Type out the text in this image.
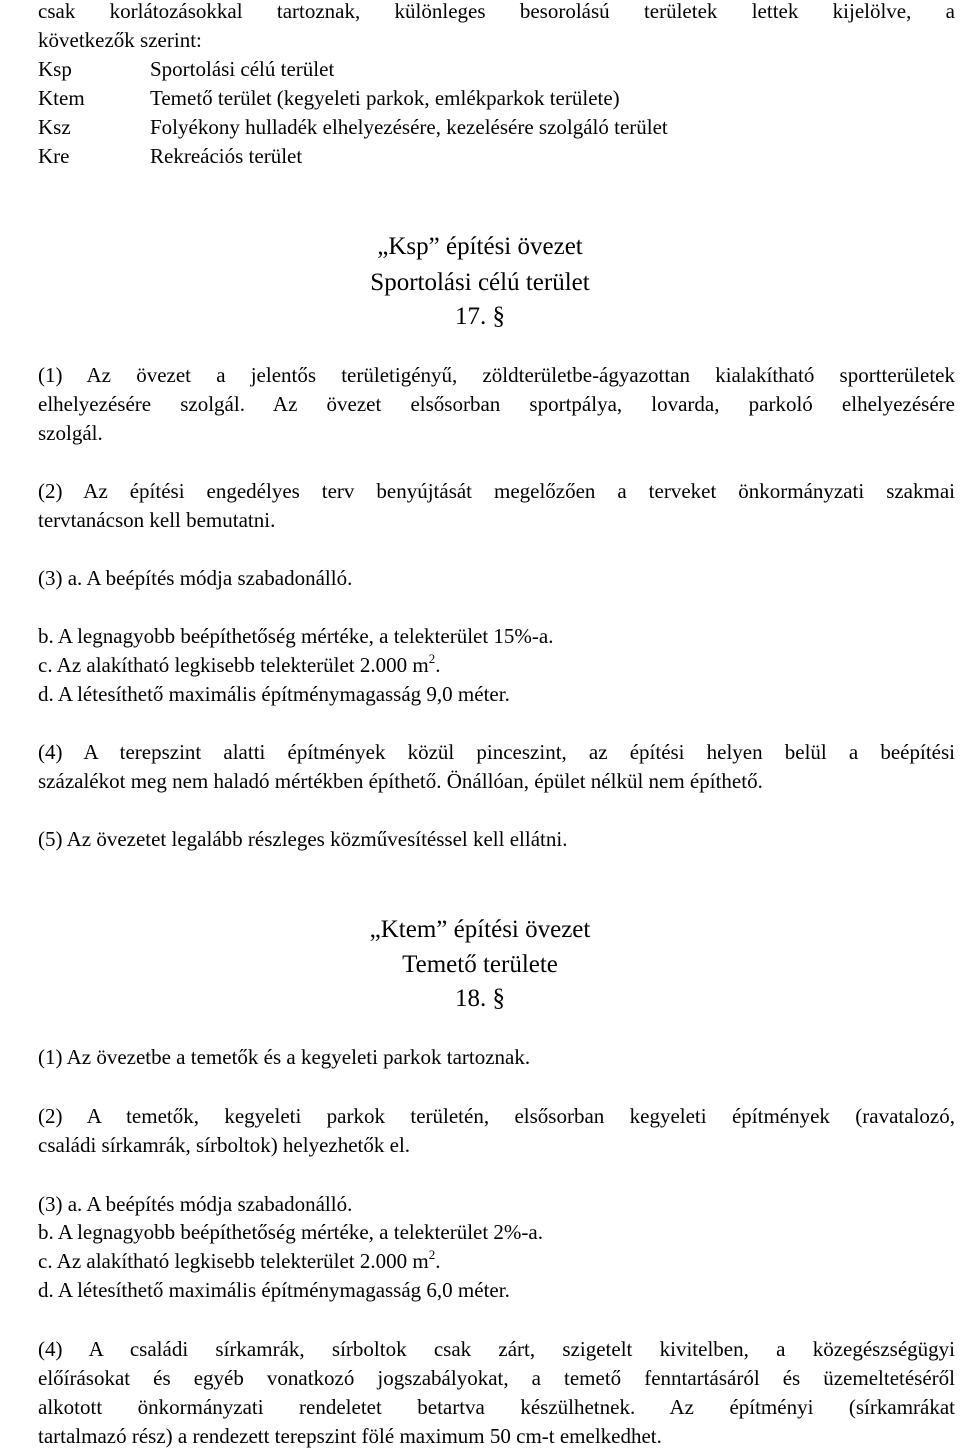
csak korlátozásokkal tartoznak, különleges besorolású területek lettek kijelölve, a
következők szerint:
Ksp	Sportolási célú terület
Ktem	Temető terület (kegyeleti parkok, emlékparkok területe)
Ksz	Folyékony hulladék elhelyezésére, kezelésére szolgáló terület
Kre	Rekreációs terület
„Ksp” építési övezet
Sportolási célú terület
17. §
(1) Az övezet a jelentős területigényű, zöldterületbe-ágyazottan kialakítható sportterületek
elhelyezésére szolgál. Az övezet elsősorban sportpálya, lovarda, parkoló elhelyezésére
szolgál.
(2) Az építési engedélyes terv benyújtását megelőzően a terveket önkormányzati szakmai
tervtanácson kell bemutatni.
(3) a. A beépítés módja szabadonálló.
b. A legnagyobb beépíthetőség mértéke, a telekterület 15%-a.
c. Az alakítható legkisebb telekterület 2.000 $m^2$.
d. A létesíthető maximális építménymagasság 9,0 méter.
(4) A terepszint alatti építmények közül pinceszint, az építési helyen belül a beépítési
százalékot meg nem haladó mértékben építhető. Önállóan, épület nélkül nem építhető.
(5) Az övezetet legalább részleges közművesítéssel kell ellátni.
„Ktem” építési övezet
Temető területe
18. §
(1) Az övezetbe a temetők és a kegyeleti parkok tartoznak.
(2) A temetők, kegyeleti parkok területén, elsősorban kegyeleti építmények (ravatalozó,
családi sírkamrák, sírboltok) helyezhetők el.
(3) a. A beépítés módja szabadonálló.
b. A legnagyobb beépíthetőség mértéke, a telekterület 2%-a.
c. Az alakítható legkisebb telekterület 2.000 $m^2$.
d. A létesíthető maximális építménymagasság 6,0 méter.
(4) A családi sírkamrák, sírboltok csak zárt, szigetelt kivitelben, a közegészségügyi
előírásokat és egyéb vonatkozó jogszabályokat, a temető fenntartásáról és üzemeltetéséről
alkotott önkormányzati rendeletet betartva készülhetnek. Az építményi (sírkamrákat
tartalmazó rész) a rendezett terepszint fölé maximum 50 cm-t emelkedhet.
